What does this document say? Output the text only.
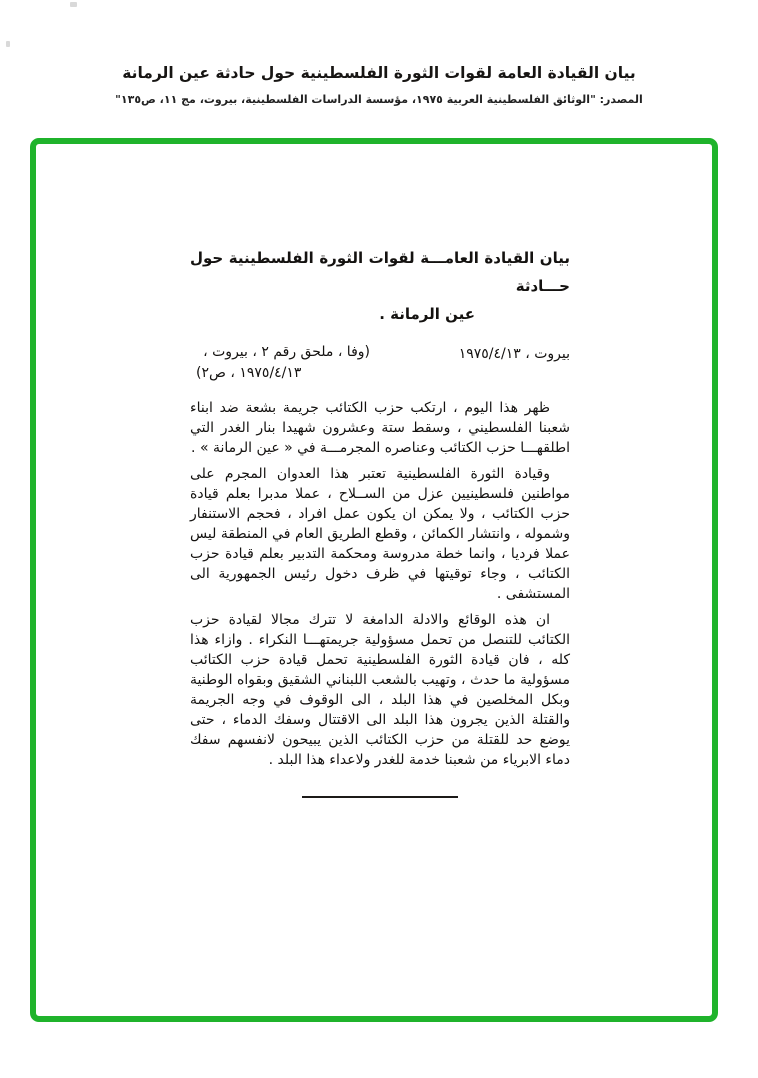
بيان القيادة العامة لقوات الثورة الفلسطينية حول حادثة عين الرمانة
المصدر: "الوثائق الفلسطينية العربية ١٩٧٥، مؤسسة الدراسات الفلسطينية، بيروت، مج ١١، ص١٣٥"
بيان القيادة العامـــة لقوات الثورة الفلسطينية حول حـــادثة
عين الرمانة .
بيروت ، ١٩٧٥/٤/١٣
(وفا ، ملحق رقم ٢ ، بيروت ،
١٩٧٥/٤/١٣ ، ص٢)

ظهر هذا اليوم ، ارتكب حزب الكتائب جريمة بشعة ضد ابناء شعبنا الفلسطيني ، وسقط ستة وعشرون شهيدا بنار الغدر التي اطلقهـــا حزب الكتائب وعناصره المجرمـــة في « عين الرمانة » .

وقيادة الثورة الفلسطينية تعتبر هذا العدوان المجرم على مواطنين فلسطينيين عزل من الســلاح ، عملا مدبرا بعلم قيادة حزب الكتائب ، ولا يمكن ان يكون عمل افراد ، فحجم الاستنفار وشموله ، وانتشار الكمائن ، وقطع الطريق العام في المنطقة ليس عملا فرديا ، وانما خطة مدروسة ومحكمة التدبير بعلم قيادة حزب الكتائب ، وجاء توقيتها في ظرف دخول رئيس الجمهورية الى المستشفى .

ان هذه الوقائع والادلة الدامغة لا تترك مجالا لقيادة حزب الكتائب للتنصل من تحمل مسؤولية جريمتهـــا النكراء . وازاء هذا كله ، فان قيادة الثورة الفلسطينية تحمل قيادة حزب الكتائب مسؤولية ما حدث ، وتهيب بالشعب اللبناني الشقيق وبقواه الوطنية وبكل المخلصين في هذا البلد ، الى الوقوف في وجه الجريمة والقتلة الذين يجرون هذا البلد الى الاقتتال وسفك الدماء ، حتى يوضع حد للقتلة من حزب الكتائب الذين يبيحون لانفسهم سفك دماء الابرياء من شعبنا خدمة للغدر ولاعداء هذا البلد .
